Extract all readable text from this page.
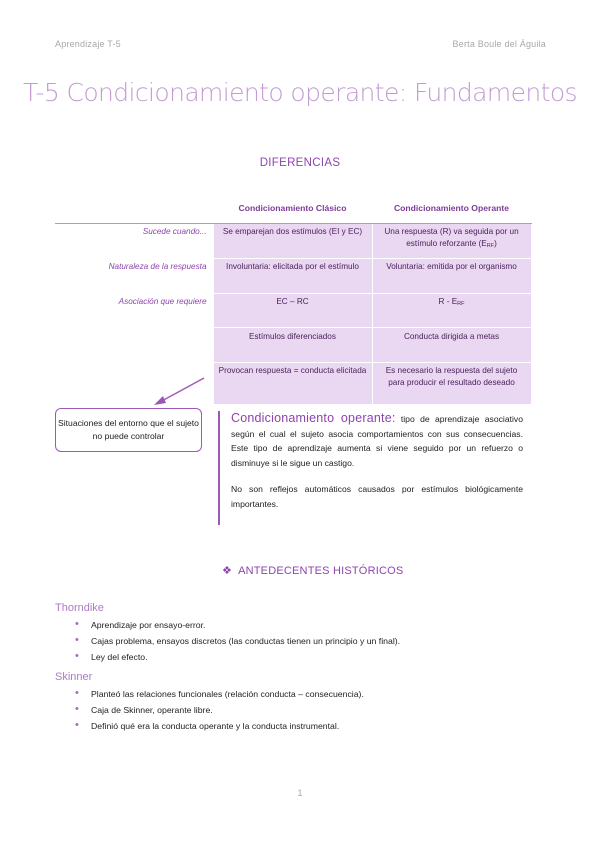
Aprendizaje T-5	Berta Boule del Águila
T-5 Condicionamiento operante: Fundamentos
DIFERENCIAS
	Condicionamiento Clásico	Condicionamiento Operante
Sucede cuando...	Se emparejan dos estímulos (EI y EC)	Una respuesta (R) va seguida por un estímulo reforzante $(E_{RF})$
Naturaleza de la respuesta	Involuntaria: elicitada por el estímulo	Voluntaria: emitida por el organismo
Asociación que requiere	EC – RC	R - $E_{RF}$
	Estímulos diferenciados	Conducta dirigida a metas
	Provocan respuesta = conducta elicitada	Es necesario la respuesta del sujeto para producir el resultado deseado
Situaciones del entorno que el sujeto no puede controlar

Condicionamiento operante: tipo de aprendizaje asociativo según el cual el sujeto asocia comportamientos con sus consecuencias. Este tipo de aprendizaje aumenta si viene seguido por un refuerzo o disminuye si le sigue un castigo.

No son reflejos automáticos causados por estímulos biológicamente importantes.

❖ ANTEDECENTES HISTÓRICOS
Thorndike
• Aprendizaje por ensayo-error.
• Cajas problema, ensayos discretos (las conductas tienen un principio y un final).
• Ley del efecto.
Skinner
• Planteó las relaciones funcionales (relación conducta – consecuencia).
• Caja de Skinner, operante libre.
• Definió qué era la conducta operante y la conducta instrumental.
1
